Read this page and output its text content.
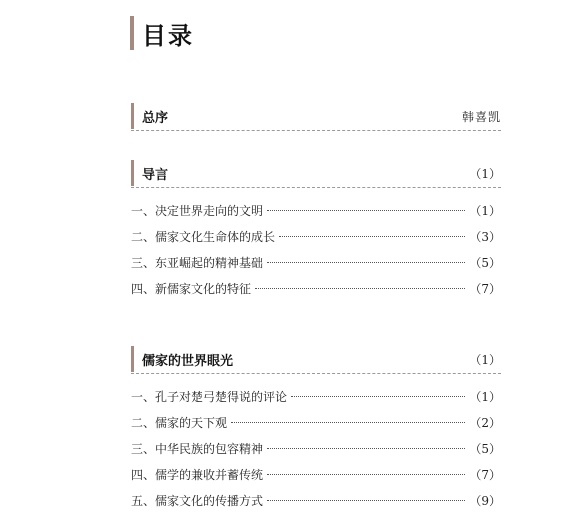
目录
总序	韩喜凯
导言	（1）
一、决定世界走向的文明	（1）
二、儒家文化生命体的成长	（3）
三、东亚崛起的精神基础	（5）
四、新儒家文化的特征	（7）
儒家的世界眼光	（1）
一、孔子对楚弓楚得说的评论	（1）
二、儒家的天下观	（2）
三、中华民族的包容精神	（5）
四、儒学的兼收并蓄传统	（7）
五、儒家文化的传播方式	（9）
